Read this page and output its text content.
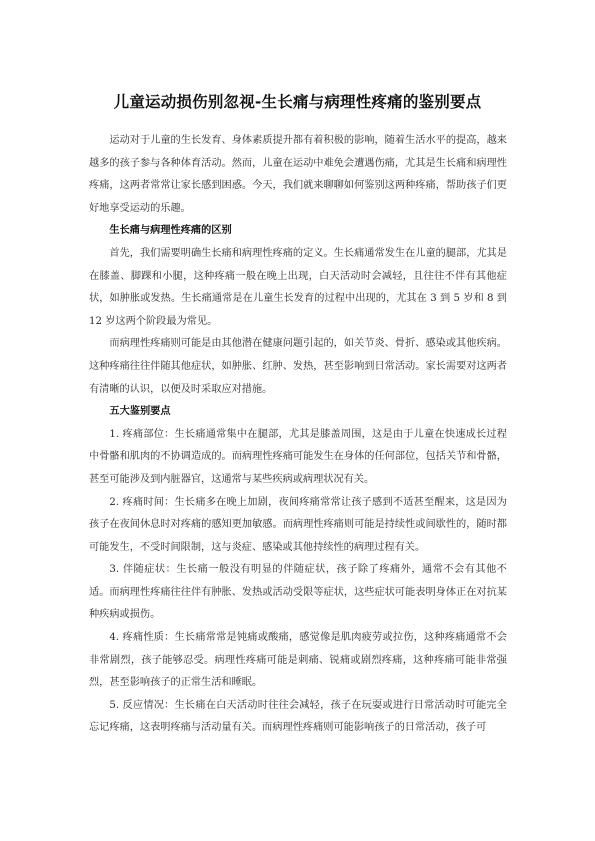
儿童运动损伤别忽视-生长痛与病理性疼痛的鉴别要点

运动对于儿童的生长发育、身体素质提升都有着积极的影响，随着生活水平的提高，越来越多的孩子参与各种体育活动。然而，儿童在运动中难免会遭遇伤痛，尤其是生长痛和病理性疼痛，这两者常常让家长感到困惑。今天，我们就来聊聊如何鉴别这两种疼痛，帮助孩子们更好地享受运动的乐趣。

生长痛与病理性疼痛的区别

首先，我们需要明确生长痛和病理性疼痛的定义。生长痛通常发生在儿童的腿部，尤其是在膝盖、脚踝和小腿，这种疼痛一般在晚上出现，白天活动时会减轻，且往往不伴有其他症状，如肿胀或发热。生长痛通常是在儿童生长发育的过程中出现的，尤其在 3 到 5 岁和 8 到 12 岁这两个阶段最为常见。

而病理性疼痛则可能是由其他潜在健康问题引起的，如关节炎、骨折、感染或其他疾病。这种疼痛往往伴随其他症状，如肿胀、红肿、发热，甚至影响到日常活动。家长需要对这两者有清晰的认识，以便及时采取应对措施。

五大鉴别要点

1. 疼痛部位：生长痛通常集中在腿部，尤其是膝盖周围，这是由于儿童在快速成长过程中骨骼和肌肉的不协调造成的。而病理性疼痛可能发生在身体的任何部位，包括关节和骨骼，甚至可能涉及到内脏器官，这通常与某些疾病或病理状况有关。

2. 疼痛时间：生长痛多在晚上加剧，夜间疼痛常常让孩子感到不适甚至醒来，这是因为孩子在夜间休息时对疼痛的感知更加敏感。而病理性疼痛则可能是持续性或间歇性的，随时都可能发生，不受时间限制，这与炎症、感染或其他持续性的病理过程有关。

3. 伴随症状：生长痛一般没有明显的伴随症状，孩子除了疼痛外，通常不会有其他不适。而病理性疼痛往往伴有肿胀、发热或活动受限等症状，这些症状可能表明身体正在对抗某种疾病或损伤。

4. 疼痛性质：生长痛常常是钝痛或酸痛，感觉像是肌肉疲劳或拉伤，这种疼痛通常不会非常剧烈，孩子能够忍受。病理性疼痛可能是刺痛、锐痛或剧烈疼痛，这种疼痛可能非常强烈，甚至影响孩子的正常生活和睡眠。

5. 反应情况：生长痛在白天活动时往往会减轻，孩子在玩耍或进行日常活动时可能完全忘记疼痛，这表明疼痛与活动量有关。而病理性疼痛则可能影响孩子的日常活动，孩子可
